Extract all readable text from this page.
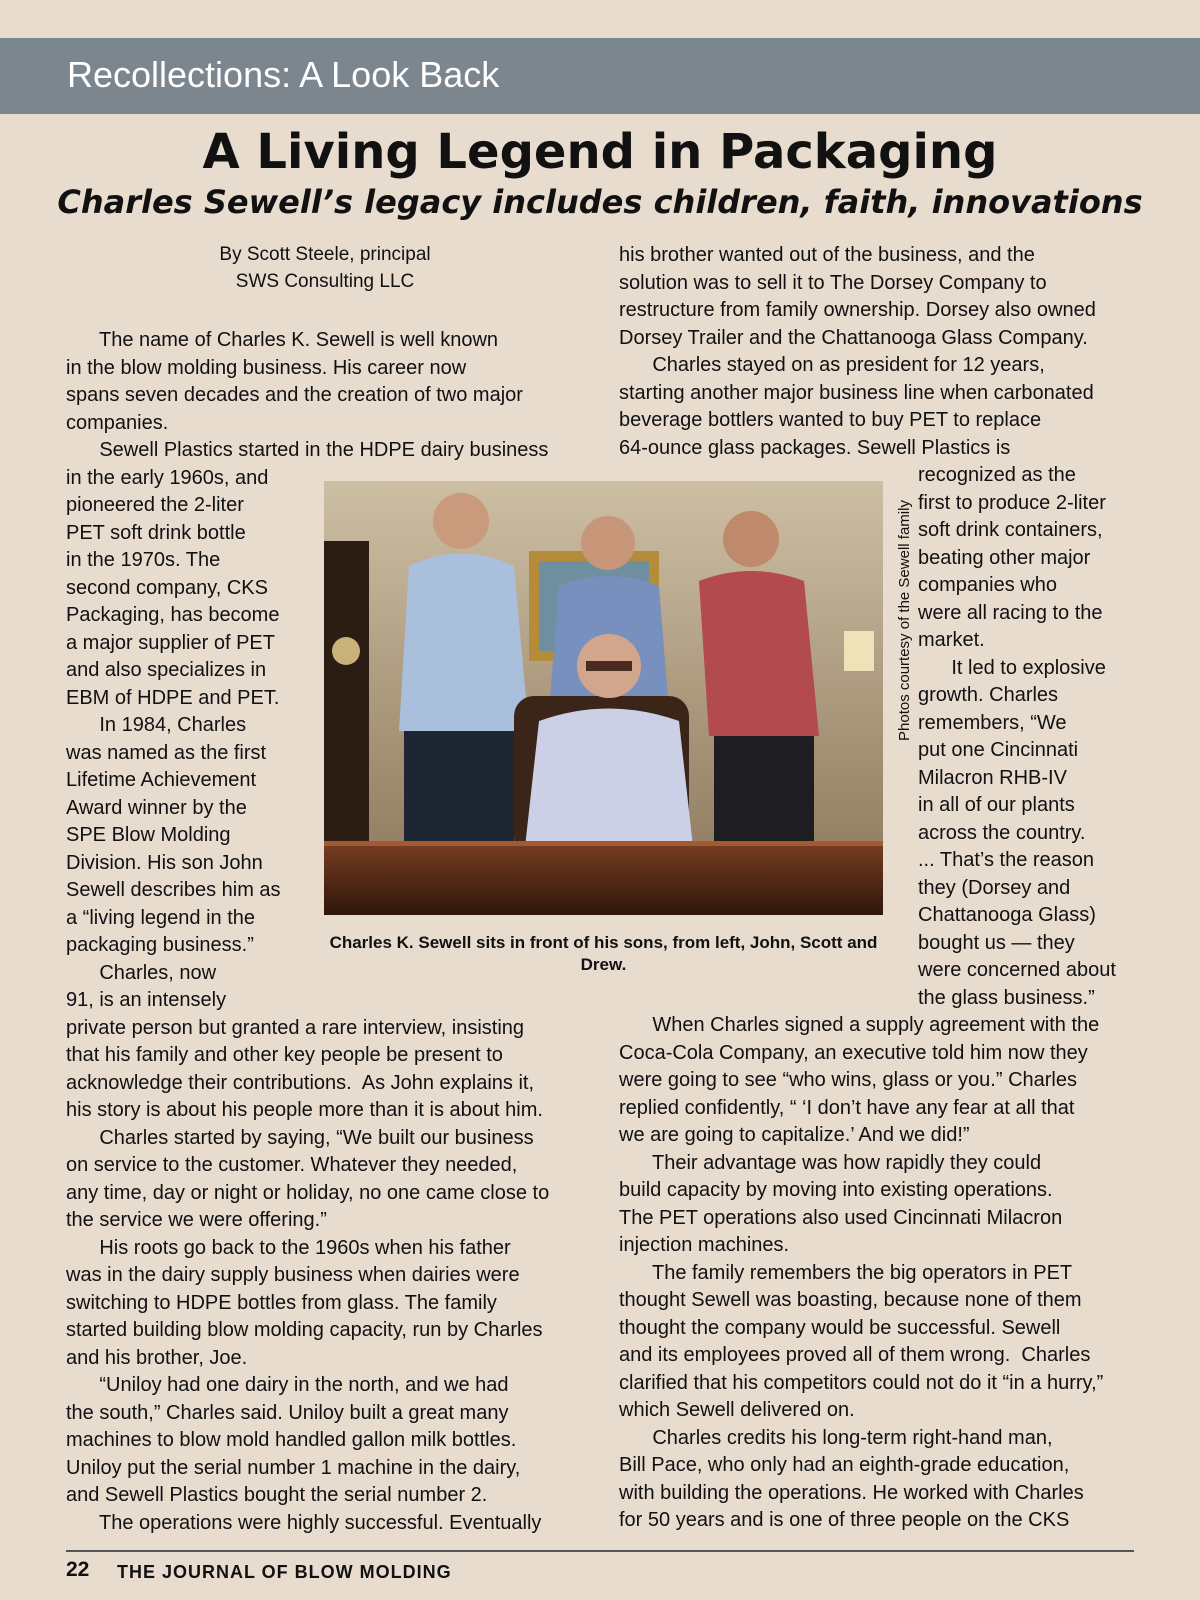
Recollections: A Look Back
A Living Legend in Packaging
Charles Sewell’s legacy includes children, faith, innovations
By Scott Steele, principal
SWS Consulting LLC
The name of Charles K. Sewell is well known
in the blow molding business. His career now
spans seven decades and the creation of two major
companies.
Sewell Plastics started in the HDPE dairy business
in the early 1960s, and
pioneered the 2-liter
PET soft drink bottle
in the 1970s. The
second company, CKS
Packaging, has become
a major supplier of PET
and also specializes in
EBM of HDPE and PET.
In 1984, Charles
was named as the first
Lifetime Achievement
Award winner by the
SPE Blow Molding
Division. His son John
Sewell describes him as
a “living legend in the
packaging business.”
Charles, now
91, is an intensely
private person but granted a rare interview, insisting
that his family and other key people be present to
acknowledge their contributions.  As John explains it,
his story is about his people more than it is about him.
Charles started by saying, “We built our business
on service to the customer. Whatever they needed,
any time, day or night or holiday, no one came close to
the service we were offering.”
His roots go back to the 1960s when his father
was in the dairy supply business when dairies were
switching to HDPE bottles from glass. The family
started building blow molding capacity, run by Charles
and his brother, Joe.
“Uniloy had one dairy in the north, and we had
the south,” Charles said. Uniloy built a great many
machines to blow mold handled gallon milk bottles.
Uniloy put the serial number 1 machine in the dairy,
and Sewell Plastics bought the serial number 2.
The operations were highly successful. Eventually
his brother wanted out of the business, and the
solution was to sell it to The Dorsey Company to
restructure from family ownership. Dorsey also owned
Dorsey Trailer and the Chattanooga Glass Company.
Charles stayed on as president for 12 years,
starting another major business line when carbonated
beverage bottlers wanted to buy PET to replace
64-ounce glass packages. Sewell Plastics is
recognized as the
first to produce 2-liter
soft drink containers,
beating other major
companies who
were all racing to the
market.
It led to explosive
growth. Charles
remembers, “We
put one Cincinnati
Milacron RHB-IV
in all of our plants
across the country.
... That’s the reason
they (Dorsey and
Chattanooga Glass)
bought us — they
were concerned about
the glass business.”
When Charles signed a supply agreement with the
Coca-Cola Company, an executive told him now they
were going to see “who wins, glass or you.” Charles
replied confidently, “ ‘I don’t have any fear at all that
we are going to capitalize.’ And we did!”
Their advantage was how rapidly they could
build capacity by moving into existing operations.
The PET operations also used Cincinnati Milacron
injection machines.
The family remembers the big operators in PET
thought Sewell was boasting, because none of them
thought the company would be successful. Sewell
and its employees proved all of them wrong.  Charles
clarified that his competitors could not do it “in a hurry,”
which Sewell delivered on.
Charles credits his long-term right-hand man,
Bill Pace, who only had an eighth-grade education,
with building the operations. He worked with Charles
for 50 years and is one of three people on the CKS
Charles K. Sewell sits in front of his sons, from left, John, Scott and Drew.
Photos courtesy of the Sewell family
22 THE JOURNAL OF BLOW MOLDING
